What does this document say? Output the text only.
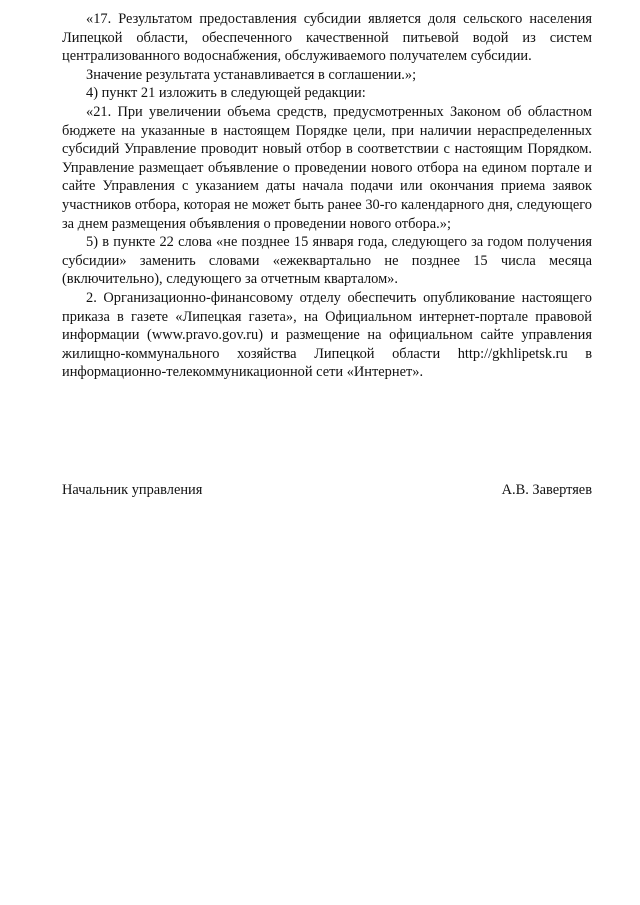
«17. Результатом предоставления субсидии является доля сельского населения Липецкой области, обеспеченного качественной питьевой водой из систем централизованного водоснабжения, обслуживаемого получателем субсидии.

Значение результата устанавливается в соглашении.»;

4) пункт 21 изложить в следующей редакции:

«21. При увеличении объема средств, предусмотренных Законом об областном бюджете на указанные в настоящем Порядке цели, при наличии нераспределенных субсидий Управление проводит новый отбор в соответствии с настоящим Порядком. Управление размещает объявление о проведении нового отбора на едином портале и сайте Управления с указанием даты начала подачи или окончания приема заявок участников отбора, которая не может быть ранее 30-го календарного дня, следующего за днем размещения объявления о проведении нового отбора.»;

5) в пункте 22 слова «не позднее 15 января года, следующего за годом получения субсидии» заменить словами «ежеквартально не позднее 15 числа месяца (включительно), следующего за отчетным кварталом».

2. Организационно-финансовому отделу обеспечить опубликование настоящего приказа в газете «Липецкая газета», на Официальном интернет-портале правовой информации (www.pravo.gov.ru) и размещение на официальном сайте управления жилищно-коммунального хозяйства Липецкой области http://gkhlipetsk.ru в информационно-телекоммуникационной сети «Интернет».

Начальник управления	А.В. Завертяев
